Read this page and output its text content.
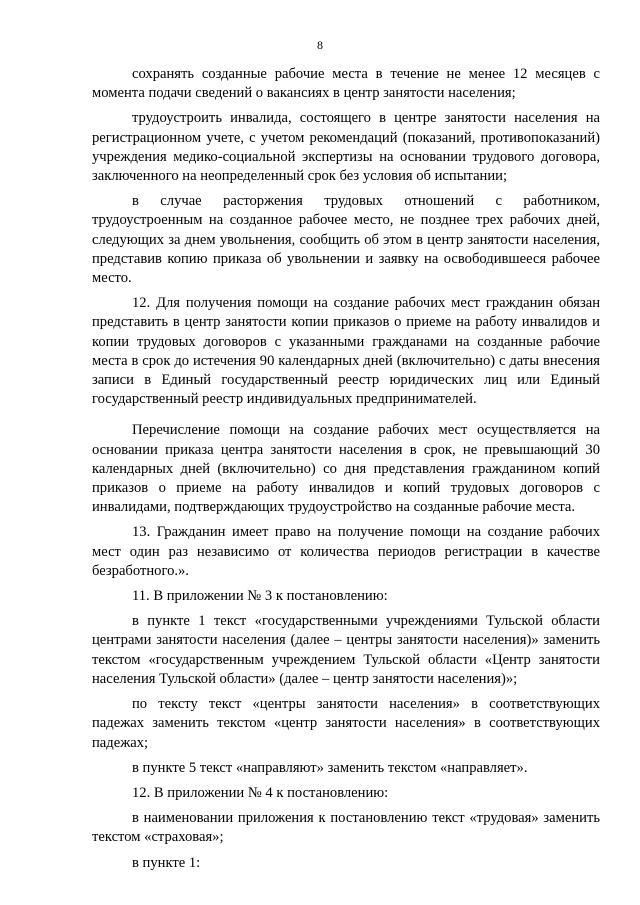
8

сохранять созданные рабочие места в течение не менее 12 месяцев с момента подачи сведений о вакансиях в центр занятости населения;

трудоустроить инвалида, состоящего в центре занятости населения на регистрационном учете, с учетом рекомендаций (показаний, противопоказаний) учреждения медико-социальной экспертизы на основании трудового договора, заключенного на неопределенный срок без условия об испытании;

в случае расторжения трудовых отношений с работником, трудоустроенным на созданное рабочее место, не позднее трех рабочих дней, следующих за днем увольнения, сообщить об этом в центр занятости населения, представив копию приказа об увольнении и заявку на освободившееся рабочее место.

12. Для получения помощи на создание рабочих мест гражданин обязан представить в центр занятости копии приказов о приеме на работу инвалидов и копии трудовых договоров с указанными гражданами на созданные рабочие места в срок до истечения 90 календарных дней (включительно) с даты внесения записи в Единый государственный реестр юридических лиц или Единый государственный реестр индивидуальных предпринимателей.

Перечисление помощи на создание рабочих мест осуществляется на основании приказа центра занятости населения в срок, не превышающий 30 календарных дней (включительно) со дня представления гражданином копий приказов о приеме на работу инвалидов и копий трудовых договоров с инвалидами, подтверждающих трудоустройство на созданные рабочие места.

13. Гражданин имеет право на получение помощи на создание рабочих мест один раз независимо от количества периодов регистрации в качестве безработного.».

11. В приложении № 3 к постановлению:

в пункте 1 текст «государственными учреждениями Тульской области центрами занятости населения (далее – центры занятости населения)» заменить текстом «государственным учреждением Тульской области «Центр занятости населения Тульской области» (далее – центр занятости населения)»;

по тексту текст «центры занятости населения» в соответствующих падежах заменить текстом «центр занятости населения» в соответствующих падежах;

в пункте 5 текст «направляют» заменить текстом «направляет».

12. В приложении № 4 к постановлению:

в наименовании приложения к постановлению текст «трудовая» заменить текстом «страховая»;

в пункте 1:
